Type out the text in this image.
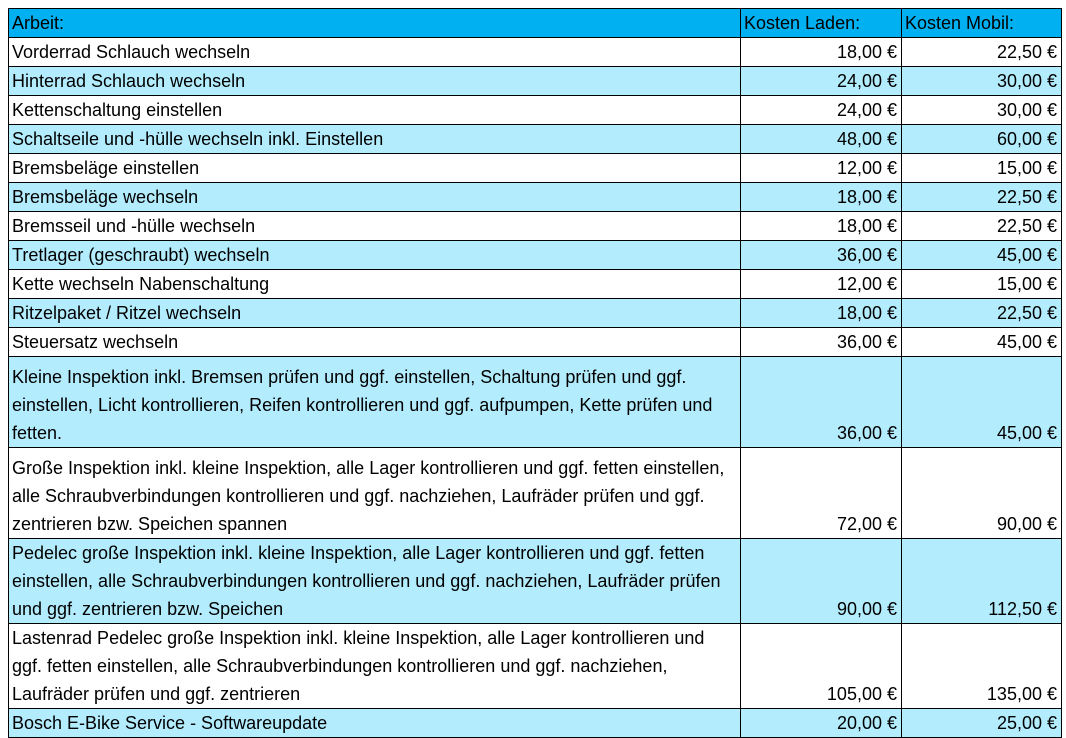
Arbeit:	Kosten Laden:	Kosten Mobil:
Vorderrad Schlauch wechseln	18,00 €	22,50 €
Hinterrad Schlauch wechseln	24,00 €	30,00 €
Kettenschaltung einstellen	24,00 €	30,00 €
Schaltseile und -hülle wechseln inkl. Einstellen	48,00 €	60,00 €
Bremsbeläge einstellen	12,00 €	15,00 €
Bremsbeläge wechseln	18,00 €	22,50 €
Bremsseil und -hülle wechseln	18,00 €	22,50 €
Tretlager (geschraubt) wechseln	36,00 €	45,00 €
Kette wechseln Nabenschaltung	12,00 €	15,00 €
Ritzelpaket / Ritzel wechseln	18,00 €	22,50 €
Steuersatz wechseln	36,00 €	45,00 €
Kleine Inspektion inkl. Bremsen prüfen und ggf. einstellen, Schaltung prüfen und ggf. einstellen, Licht kontrollieren, Reifen kontrollieren und ggf. aufpumpen, Kette prüfen und fetten.	36,00 €	45,00 €
Große Inspektion inkl. kleine Inspektion, alle Lager kontrollieren und ggf. fetten einstellen, alle Schraubverbindungen kontrollieren und ggf. nachziehen, Laufräder prüfen und ggf. zentrieren bzw. Speichen spannen	72,00 €	90,00 €
Pedelec große Inspektion inkl. kleine Inspektion, alle Lager kontrollieren und ggf. fetten einstellen, alle Schraubverbindungen kontrollieren und ggf. nachziehen, Laufräder prüfen und ggf. zentrieren bzw. Speichen	90,00 €	112,50 €
Lastenrad Pedelec große Inspektion inkl. kleine Inspektion, alle Lager kontrollieren und ggf. fetten einstellen, alle Schraubverbindungen kontrollieren und ggf. nachziehen, Laufräder prüfen und ggf. zentrieren	105,00 €	135,00 €
Bosch E-Bike Service - Softwareupdate	20,00 €	25,00 €
